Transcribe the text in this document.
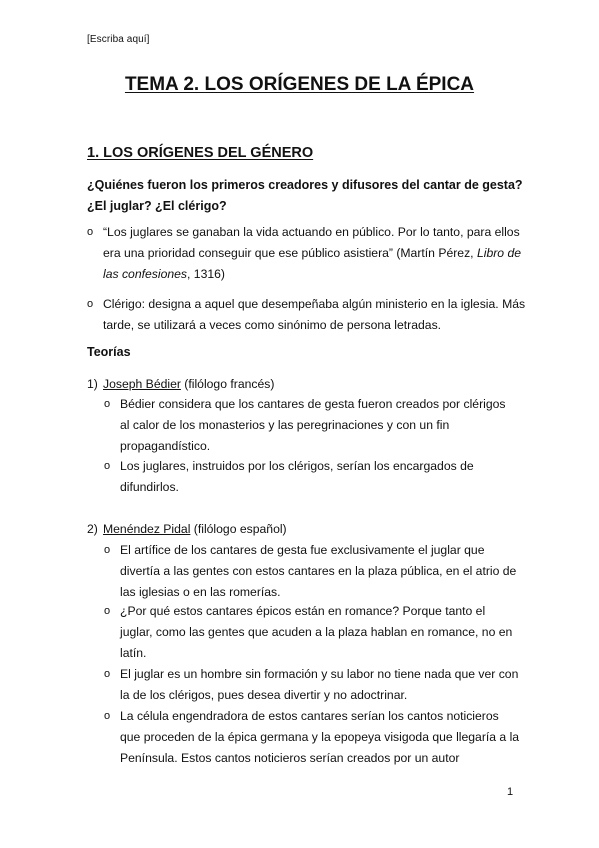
[Escriba aquí]
TEMA 2. LOS ORÍGENES DE LA ÉPICA
1. LOS ORÍGENES DEL GÉNERO
¿Quiénes fueron los primeros creadores y difusores del cantar de gesta? ¿El juglar? ¿El clérigo?
o “Los juglares se ganaban la vida actuando en público. Por lo tanto, para ellos era una prioridad conseguir que ese público asistiera” (Martín Pérez, Libro de las confesiones, 1316)
o Clérigo: designa a aquel que desempeñaba algún ministerio en la iglesia. Más tarde, se utilizará a veces como sinónimo de persona letradas.
Teorías
1) Joseph Bédier (filólogo francés)
o Bédier considera que los cantares de gesta fueron creados por clérigos al calor de los monasterios y las peregrinaciones y con un fin propagandístico.
o Los juglares, instruidos por los clérigos, serían los encargados de difundirlos.
2) Menéndez Pidal (filólogo español)
o El artífice de los cantares de gesta fue exclusivamente el juglar que divertía a las gentes con estos cantares en la plaza pública, en el atrio de las iglesias o en las romerías.
o ¿Por qué estos cantares épicos están en romance? Porque tanto el juglar, como las gentes que acuden a la plaza hablan en romance, no en latín.
o El juglar es un hombre sin formación y su labor no tiene nada que ver con la de los clérigos, pues desea divertir y no adoctrinar.
o La célula engendradora de estos cantares serían los cantos noticieros que proceden de la épica germana y la epopeya visigoda que llegaría a la Península. Estos cantos noticieros serían creados por un autor
1
